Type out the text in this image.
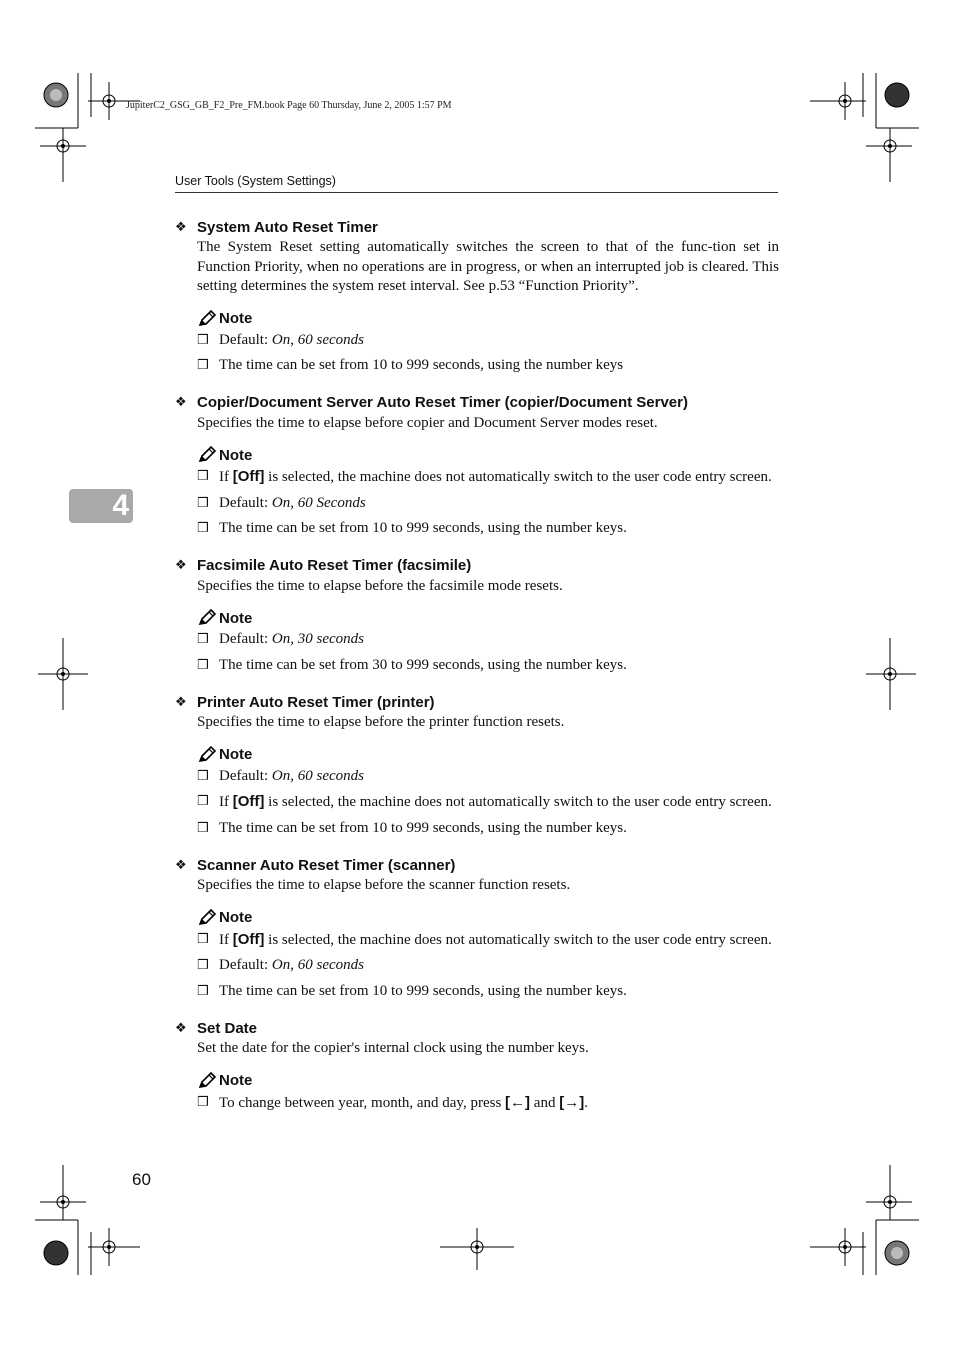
JupiterC2_GSG_GB_F2_Pre_FM.book Page 60 Thursday, June 2, 2005 1:57 PM
User Tools (System Settings)
4
❖ System Auto Reset Timer
The System Reset setting automatically switches the screen to that of the func-tion set in Function Priority, when no operations are in progress, or when an interrupted job is cleared. This setting determines the system reset interval. See p.53 “Function Priority”.
Note
❒ Default: On, 60 seconds
❒ The time can be set from 10 to 999 seconds, using the number keys
❖ Copier/Document Server Auto Reset Timer (copier/Document Server)
Specifies the time to elapse before copier and Document Server modes reset.
Note
❒ If [Off] is selected, the machine does not automatically switch to the user code entry screen.
❒ Default: On, 60 Seconds
❒ The time can be set from 10 to 999 seconds, using the number keys.
❖ Facsimile Auto Reset Timer (facsimile)
Specifies the time to elapse before the facsimile mode resets.
Note
❒ Default: On, 30 seconds
❒ The time can be set from 30 to 999 seconds, using the number keys.
❖ Printer Auto Reset Timer (printer)
Specifies the time to elapse before the printer function resets.
Note
❒ Default: On, 60 seconds
❒ If [Off] is selected, the machine does not automatically switch to the user code entry screen.
❒ The time can be set from 10 to 999 seconds, using the number keys.
❖ Scanner Auto Reset Timer (scanner)
Specifies the time to elapse before the scanner function resets.
Note
❒ If [Off] is selected, the machine does not automatically switch to the user code entry screen.
❒ Default: On, 60 seconds
❒ The time can be set from 10 to 999 seconds, using the number keys.
❖ Set Date
Set the date for the copier's internal clock using the number keys.
Note
❒ To change between year, month, and day, press [←] and [→].
60
